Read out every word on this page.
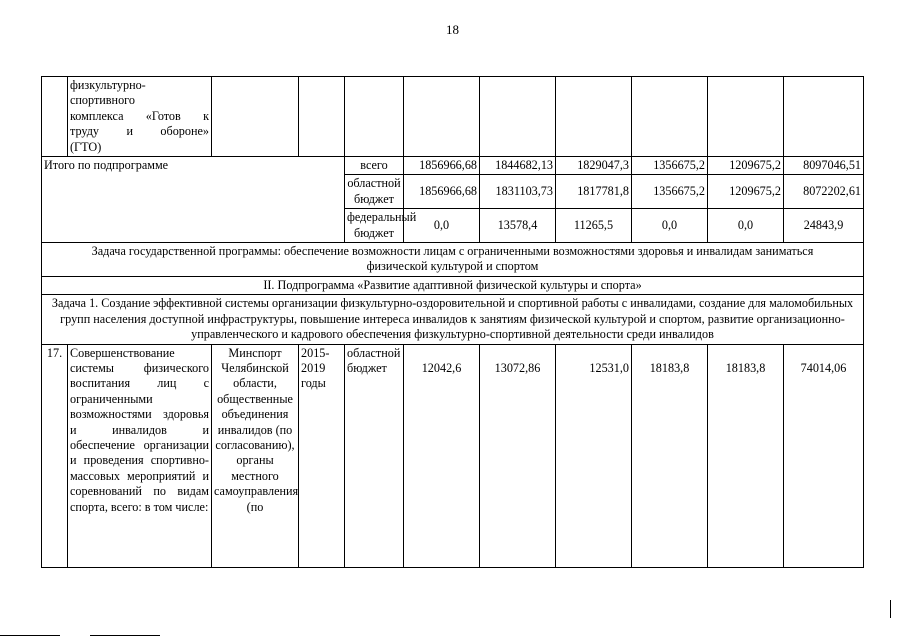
18

	физкультурно-
спортивного
комплекса «Готов к
труду и обороне»
(ГТО)									

Итого по подпрограмме				всего	1856966,68	1844682,13	1829047,3	1356675,2	1209675,2	8097046,51
				областной бюджет	1856966,68	1831103,73	1817781,8	1356675,2	1209675,2	8072202,61
				федеральный бюджет	0,0	13578,4	11265,5	0,0	0,0	24843,9
Задача государственной программы: обеспечение возможности лицам с ограниченными возможностями здоровья и инвалидам заниматься физической культурой и спортом										
II. Подпрограмма «Развитие адаптивной физической культуры и спорта»										
Задача 1. Создание эффективной системы организации физкультурно-оздоровительной и спортивной работы с инвалидами, создание для маломобильных групп населения доступной инфраструктуры, повышение интереса инвалидов к занятиям физической культурой и спортом, развитие организационно-управленческого и кадрового обеспечения физкультурно-спортивной деятельности среди инвалидов										
17.	Совершенствование системы физического воспитания лиц с ограниченными возможностями здоровья и инвалидов и обеспечение организации и проведения спортивно-массовых мероприятий и соревнований по видам спорта, всего: в том числе:	Минспорт Челябинской области, общественные объединения инвалидов (по согласованию), органы местного самоуправления (по	2015-2019 годы	областной бюджет	12042,6	13072,86	12531,0	18183,8	18183,8	74014,06
